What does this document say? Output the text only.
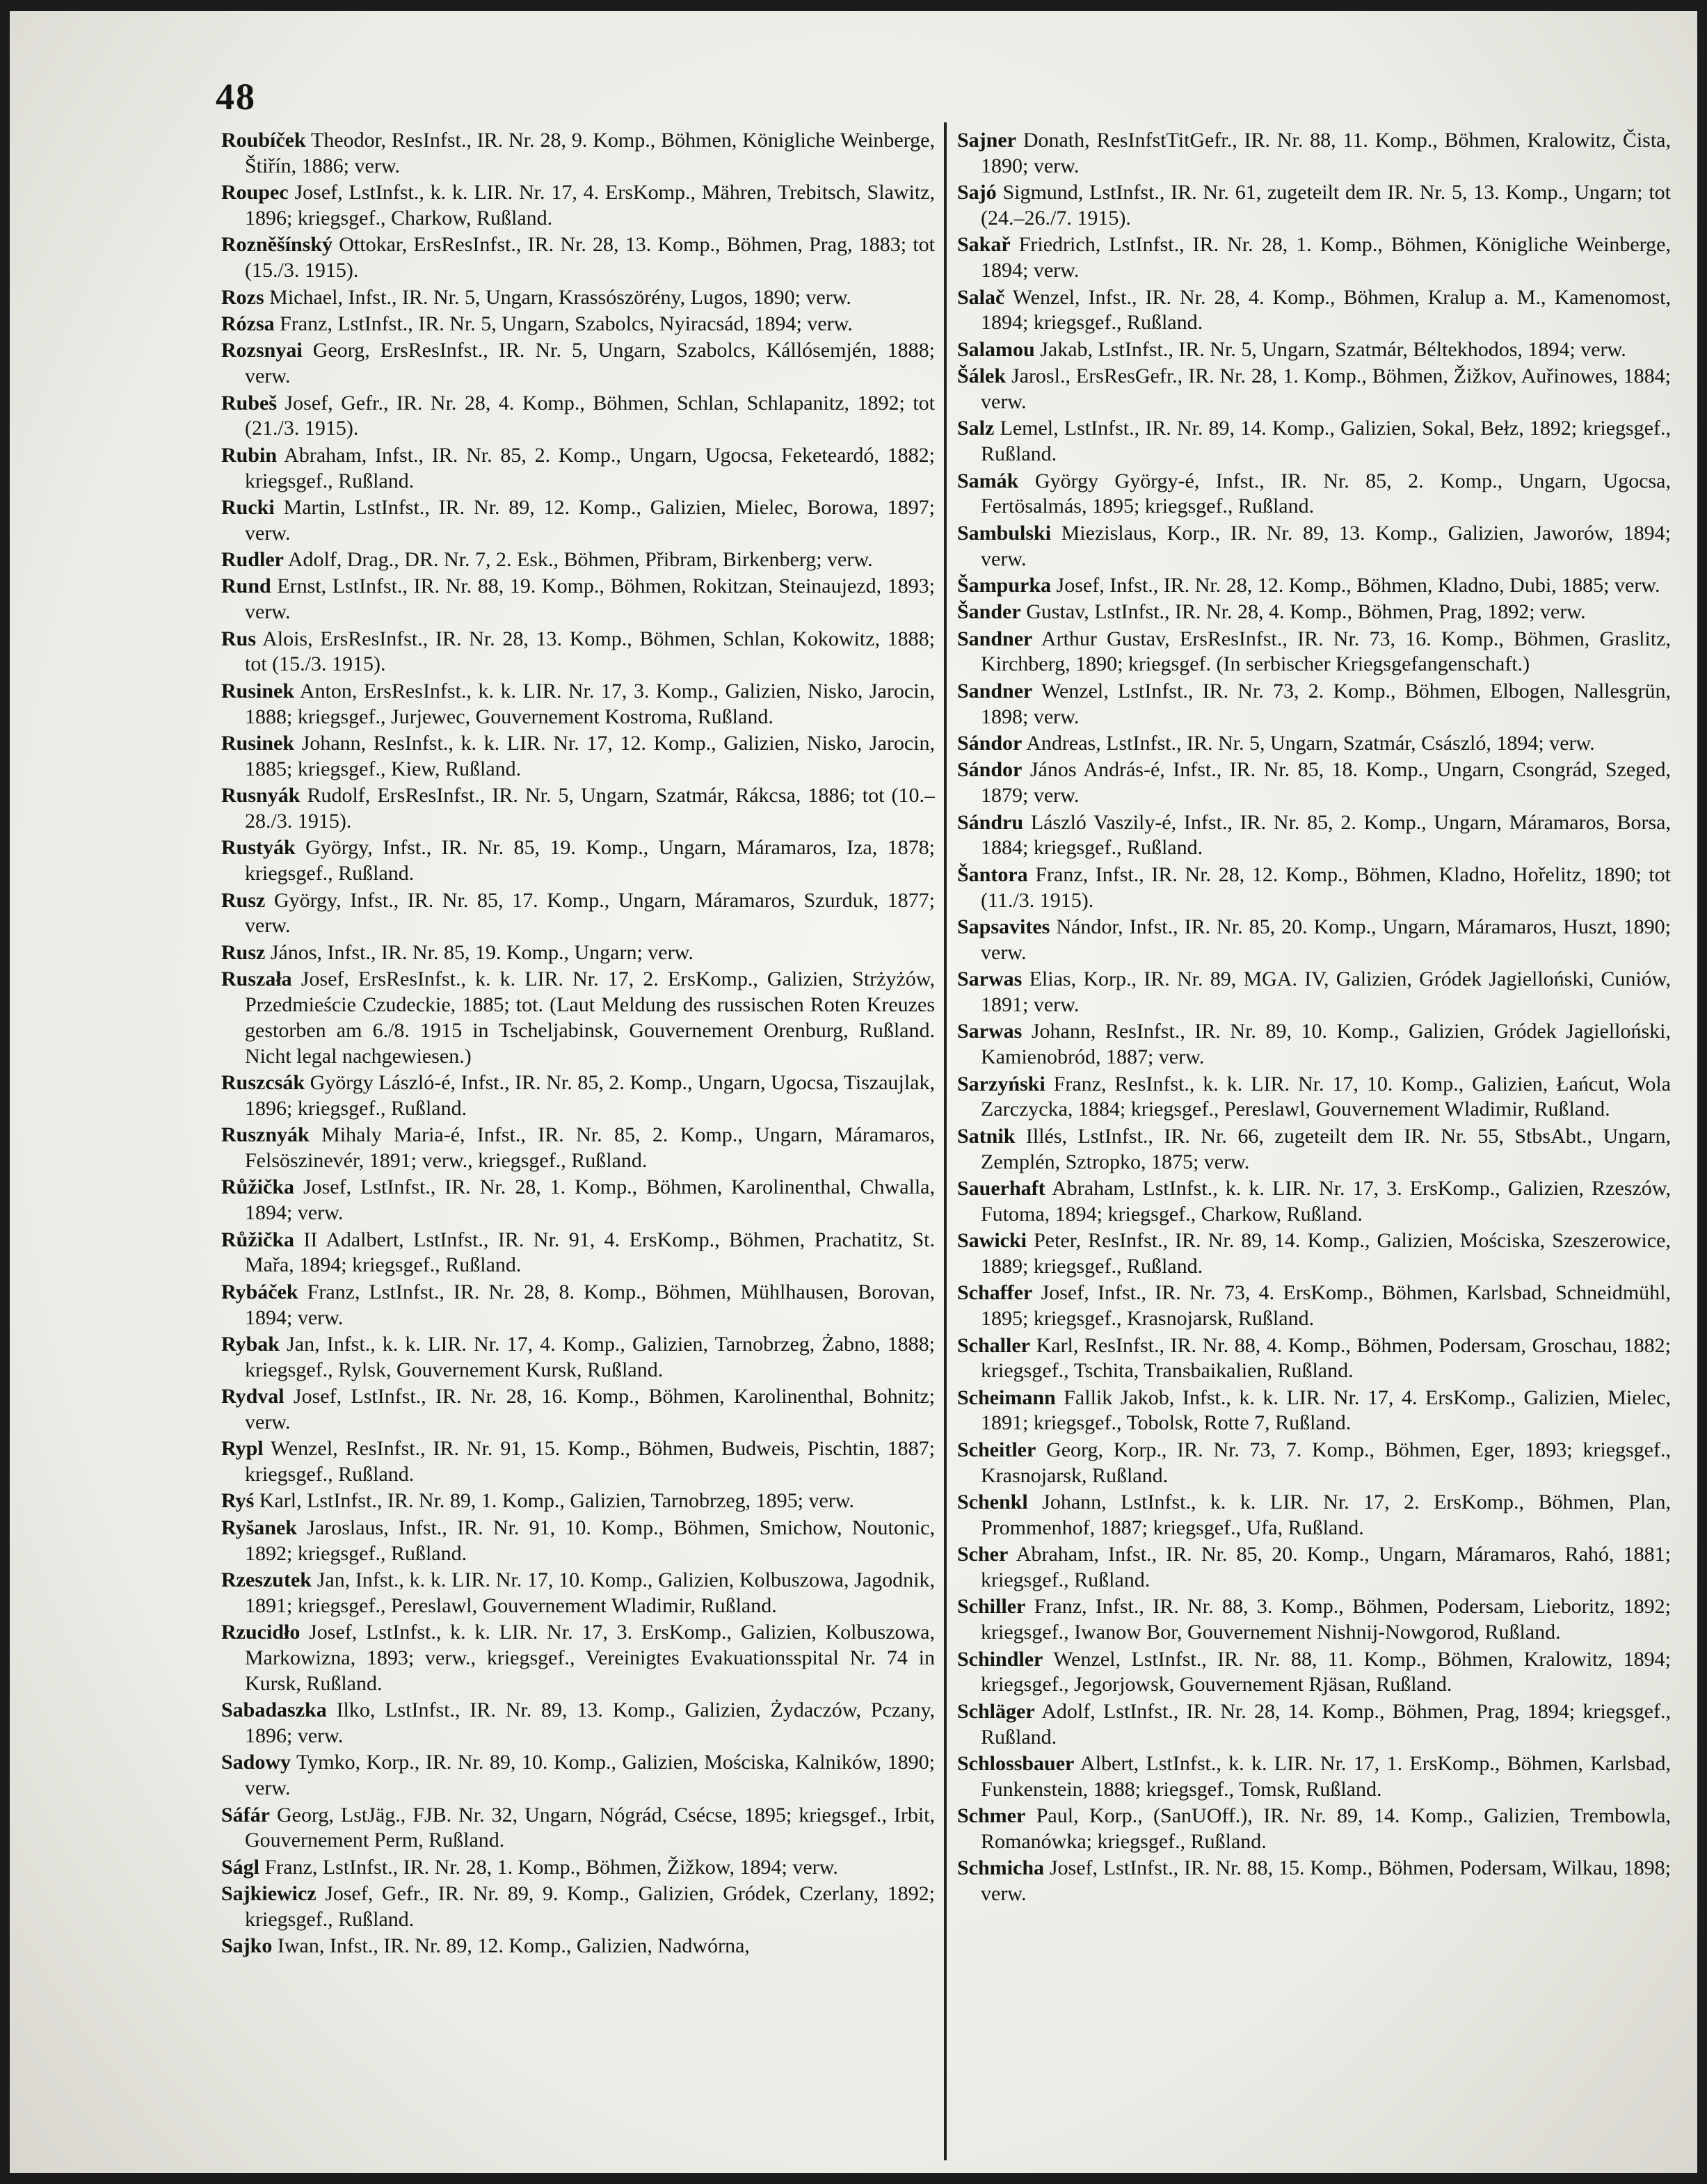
48

Roubíček Theodor, ResInfst., IR. Nr. 28, 9. Komp., Böhmen, Königliche Weinberge, Štiřín, 1886; verw.

Roupec Josef, LstInfst., k. k. LIR. Nr. 17, 4. ErsKomp., Mähren, Trebitsch, Slawitz, 1896; kriegsgef., Charkow, Rußland.

Rozněšínský Ottokar, ErsResInfst., IR. Nr. 28, 13. Komp., Böhmen, Prag, 1883; tot (15./3. 1915).

Rozs Michael, Infst., IR. Nr. 5, Ungarn, Krassószörény, Lugos, 1890; verw.

Rózsa Franz, LstInfst., IR. Nr. 5, Ungarn, Szabolcs, Nyiracsád, 1894; verw.

Rozsnyai Georg, ErsResInfst., IR. Nr. 5, Ungarn, Szabolcs, Kállósemjén, 1888; verw.

Rubeš Josef, Gefr., IR. Nr. 28, 4. Komp., Böhmen, Schlan, Schlapanitz, 1892; tot (21./3. 1915).

Rubin Abraham, Infst., IR. Nr. 85, 2. Komp., Ungarn, Ugocsa, Feketeardó, 1882; kriegsgef., Rußland.

Rucki Martin, LstInfst., IR. Nr. 89, 12. Komp., Galizien, Mielec, Borowa, 1897; verw.

Rudler Adolf, Drag., DR. Nr. 7, 2. Esk., Böhmen, Přibram, Birkenberg; verw.

Rund Ernst, LstInfst., IR. Nr. 88, 19. Komp., Böhmen, Rokitzan, Steinaujezd, 1893; verw.

Rus Alois, ErsResInfst., IR. Nr. 28, 13. Komp., Böhmen, Schlan, Kokowitz, 1888; tot (15./3. 1915).

Rusinek Anton, ErsResInfst., k. k. LIR. Nr. 17, 3. Komp., Galizien, Nisko, Jarocin, 1888; kriegsgef., Jurjewec, Gouvernement Kostroma, Rußland.

Rusinek Johann, ResInfst., k. k. LIR. Nr. 17, 12. Komp., Galizien, Nisko, Jarocin, 1885; kriegsgef., Kiew, Rußland.

Rusnyák Rudolf, ErsResInfst., IR. Nr. 5, Ungarn, Szatmár, Rákcsa, 1886; tot (10.–28./3. 1915).

Rustyák György, Infst., IR. Nr. 85, 19. Komp., Ungarn, Máramaros, Iza, 1878; kriegsgef., Rußland.

Rusz György, Infst., IR. Nr. 85, 17. Komp., Ungarn, Máramaros, Szurduk, 1877; verw.

Rusz János, Infst., IR. Nr. 85, 19. Komp., Ungarn; verw.

Ruszała Josef, ErsResInfst., k. k. LIR. Nr. 17, 2. ErsKomp., Galizien, Strżyżów, Przedmieście Czudeckie, 1885; tot. (Laut Meldung des russischen Roten Kreuzes gestorben am 6./8. 1915 in Tscheljabinsk, Gouvernement Orenburg, Rußland. Nicht legal nachgewiesen.)

Ruszcsák György László-é, Infst., IR. Nr. 85, 2. Komp., Ungarn, Ugocsa, Tiszaujlak, 1896; kriegsgef., Rußland.

Rusznyák Mihaly Maria-é, Infst., IR. Nr. 85, 2. Komp., Ungarn, Máramaros, Felsöszinevér, 1891; verw., kriegsgef., Rußland.

Růžička Josef, LstInfst., IR. Nr. 28, 1. Komp., Böhmen, Karolinenthal, Chwalla, 1894; verw.

Růžička II Adalbert, LstInfst., IR. Nr. 91, 4. ErsKomp., Böhmen, Prachatitz, St. Mařa, 1894; kriegsgef., Rußland.

Rybáček Franz, LstInfst., IR. Nr. 28, 8. Komp., Böhmen, Mühlhausen, Borovan, 1894; verw.

Rybak Jan, Infst., k. k. LIR. Nr. 17, 4. Komp., Galizien, Tarnobrzeg, Żabno, 1888; kriegsgef., Rylsk, Gouvernement Kursk, Rußland.

Rydval Josef, LstInfst., IR. Nr. 28, 16. Komp., Böhmen, Karolinenthal, Bohnitz; verw.

Rypl Wenzel, ResInfst., IR. Nr. 91, 15. Komp., Böhmen, Budweis, Pischtin, 1887; kriegsgef., Rußland.

Ryś Karl, LstInfst., IR. Nr. 89, 1. Komp., Galizien, Tarnobrzeg, 1895; verw.

Ryšanek Jaroslaus, Infst., IR. Nr. 91, 10. Komp., Böhmen, Smichow, Noutonic, 1892; kriegsgef., Rußland.

Rzeszutek Jan, Infst., k. k. LIR. Nr. 17, 10. Komp., Galizien, Kolbuszowa, Jagodnik, 1891; kriegsgef., Pereslawl, Gouvernement Wladimir, Rußland.

Rzucidło Josef, LstInfst., k. k. LIR. Nr. 17, 3. ErsKomp., Galizien, Kolbuszowa, Markowizna, 1893; verw., kriegsgef., Vereinigtes Evakuationsspital Nr. 74 in Kursk, Rußland.

Sabadaszka Ilko, LstInfst., IR. Nr. 89, 13. Komp., Galizien, Żydaczów, Pczany, 1896; verw.

Sadowy Tymko, Korp., IR. Nr. 89, 10. Komp., Galizien, Mościska, Kalników, 1890; verw.

Sáfár Georg, LstJäg., FJB. Nr. 32, Ungarn, Nógrád, Csécse, 1895; kriegsgef., Irbit, Gouvernement Perm, Rußland.

Ságl Franz, LstInfst., IR. Nr. 28, 1. Komp., Böhmen, Žižkow, 1894; verw.

Sajkiewicz Josef, Gefr., IR. Nr. 89, 9. Komp., Galizien, Gródek, Czerlany, 1892; kriegsgef., Rußland.

Sajko Iwan, Infst., IR. Nr. 89, 12. Komp., Galizien, Nadwórna,

Sajner Donath, ResInfstTitGefr., IR. Nr. 88, 11. Komp., Böhmen, Kralowitz, Čista, 1890; verw.

Sajó Sigmund, LstInfst., IR. Nr. 61, zugeteilt dem IR. Nr. 5, 13. Komp., Ungarn; tot (24.–26./7. 1915).

Sakař Friedrich, LstInfst., IR. Nr. 28, 1. Komp., Böhmen, Königliche Weinberge, 1894; verw.

Salač Wenzel, Infst., IR. Nr. 28, 4. Komp., Böhmen, Kralup a. M., Kamenomost, 1894; kriegsgef., Rußland.

Salamou Jakab, LstInfst., IR. Nr. 5, Ungarn, Szatmár, Béltekhodos, 1894; verw.

Šálek Jarosl., ErsResGefr., IR. Nr. 28, 1. Komp., Böhmen, Žižkov, Auřinowes, 1884; verw.

Salz Lemel, LstInfst., IR. Nr. 89, 14. Komp., Galizien, Sokal, Bełz, 1892; kriegsgef., Rußland.

Samák György György-é, Infst., IR. Nr. 85, 2. Komp., Ungarn, Ugocsa, Fertösalmás, 1895; kriegsgef., Rußland.

Sambulski Miezislaus, Korp., IR. Nr. 89, 13. Komp., Galizien, Jaworów, 1894; verw.

Šampurka Josef, Infst., IR. Nr. 28, 12. Komp., Böhmen, Kladno, Dubi, 1885; verw.

Šander Gustav, LstInfst., IR. Nr. 28, 4. Komp., Böhmen, Prag, 1892; verw.

Sandner Arthur Gustav, ErsResInfst., IR. Nr. 73, 16. Komp., Böhmen, Graslitz, Kirchberg, 1890; kriegsgef. (In serbischer Kriegsgefangenschaft.)

Sandner Wenzel, LstInfst., IR. Nr. 73, 2. Komp., Böhmen, Elbogen, Nallesgrün, 1898; verw.

Sándor Andreas, LstInfst., IR. Nr. 5, Ungarn, Szatmár, Császló, 1894; verw.

Sándor János András-é, Infst., IR. Nr. 85, 18. Komp., Ungarn, Csongrád, Szeged, 1879; verw.

Sándru László Vaszily-é, Infst., IR. Nr. 85, 2. Komp., Ungarn, Máramaros, Borsa, 1884; kriegsgef., Rußland.

Šantora Franz, Infst., IR. Nr. 28, 12. Komp., Böhmen, Kladno, Hořelitz, 1890; tot (11./3. 1915).

Sapsavites Nándor, Infst., IR. Nr. 85, 20. Komp., Ungarn, Máramaros, Huszt, 1890; verw.

Sarwas Elias, Korp., IR. Nr. 89, MGA. IV, Galizien, Gródek Jagielloński, Cuniów, 1891; verw.

Sarwas Johann, ResInfst., IR. Nr. 89, 10. Komp., Galizien, Gródek Jagielloński, Kamienobród, 1887; verw.

Sarzyński Franz, ResInfst., k. k. LIR. Nr. 17, 10. Komp., Galizien, Łańcut, Wola Zarczycka, 1884; kriegsgef., Pereslawl, Gouvernement Wladimir, Rußland.

Satnik Illés, LstInfst., IR. Nr. 66, zugeteilt dem IR. Nr. 55, StbsAbt., Ungarn, Zemplén, Sztropko, 1875; verw.

Sauerhaft Abraham, LstInfst., k. k. LIR. Nr. 17, 3. ErsKomp., Galizien, Rzeszów, Futoma, 1894; kriegsgef., Charkow, Rußland.

Sawicki Peter, ResInfst., IR. Nr. 89, 14. Komp., Galizien, Mościska, Szeszerowice, 1889; kriegsgef., Rußland.

Schaffer Josef, Infst., IR. Nr. 73, 4. ErsKomp., Böhmen, Karlsbad, Schneidmühl, 1895; kriegsgef., Krasnojarsk, Rußland.

Schaller Karl, ResInfst., IR. Nr. 88, 4. Komp., Böhmen, Podersam, Groschau, 1882; kriegsgef., Tschita, Transbaikalien, Rußland.

Scheimann Fallik Jakob, Infst., k. k. LIR. Nr. 17, 4. ErsKomp., Galizien, Mielec, 1891; kriegsgef., Tobolsk, Rotte 7, Rußland.

Scheitler Georg, Korp., IR. Nr. 73, 7. Komp., Böhmen, Eger, 1893; kriegsgef., Krasnojarsk, Rußland.

Schenkl Johann, LstInfst., k. k. LIR. Nr. 17, 2. ErsKomp., Böhmen, Plan, Prommenhof, 1887; kriegsgef., Ufa, Rußland.

Scher Abraham, Infst., IR. Nr. 85, 20. Komp., Ungarn, Máramaros, Rahó, 1881; kriegsgef., Rußland.

Schiller Franz, Infst., IR. Nr. 88, 3. Komp., Böhmen, Podersam, Lieboritz, 1892; kriegsgef., Iwanow Bor, Gouvernement Nishnij-Nowgorod, Rußland.

Schindler Wenzel, LstInfst., IR. Nr. 88, 11. Komp., Böhmen, Kralowitz, 1894; kriegsgef., Jegorjowsk, Gouvernement Rjäsan, Rußland.

Schläger Adolf, LstInfst., IR. Nr. 28, 14. Komp., Böhmen, Prag, 1894; kriegsgef., Rußland.

Schlossbauer Albert, LstInfst., k. k. LIR. Nr. 17, 1. ErsKomp., Böhmen, Karlsbad, Funkenstein, 1888; kriegsgef., Tomsk, Rußland.

Schmer Paul, Korp., (SanUOff.), IR. Nr. 89, 14. Komp., Galizien, Trembowla, Romanówka; kriegsgef., Rußland.

Schmicha Josef, LstInfst., IR. Nr. 88, 15. Komp., Böhmen, Podersam, Wilkau, 1898; verw.
